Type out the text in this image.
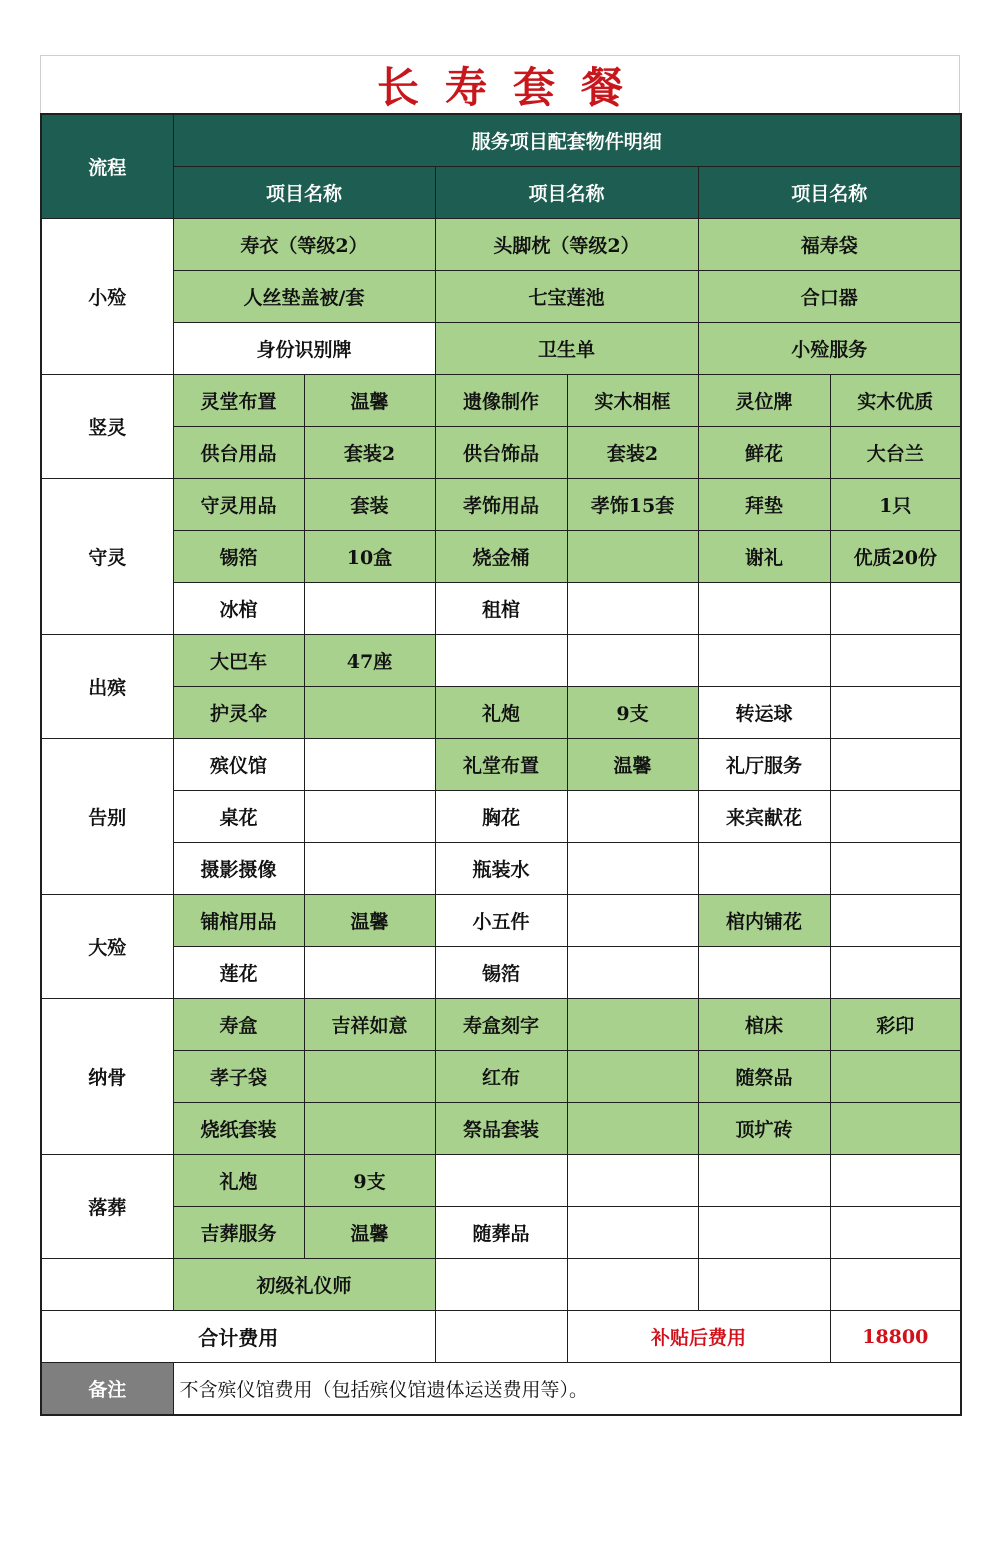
长寿套餐
流程	服务项目配套物件明细					
	项目名称		项目名称		项目名称	
小殓	寿衣（等级2）		头脚枕（等级2）		福寿袋	
	人丝垫盖被/套		七宝莲池		合口器	
	身份识别牌		卫生单		小殓服务	
竖灵	灵堂布置	温馨	遗像制作	实木相框	灵位牌	实木优质
	供台用品	套装2	供台饰品	套装2	鲜花	大台兰
守灵	守灵用品	套装	孝饰用品	孝饰15套	拜垫	1只
	锡箔	10盒	烧金桶		谢礼	优质20份
	冰棺		租棺			
出殡	大巴车	47座				
	护灵伞		礼炮	9支	转运球	
告别	殡仪馆		礼堂布置	温馨	礼厅服务	
	桌花		胸花		来宾献花	
	摄影摄像		瓶装水			
大殓	铺棺用品	温馨	小五件		棺内铺花	
	莲花		锡箔			
纳骨	寿盒	吉祥如意	寿盒刻字		棺床	彩印
	孝子袋		红布		随祭品	
	烧纸套装		祭品套装		顶圹砖	
落葬	礼炮	9支				
	吉葬服务	温馨	随葬品			
	初级礼仪师					
合计费用				补贴后费用		18800
备注	不含殡仪馆费用（包括殡仪馆遗体运送费用等）。					
